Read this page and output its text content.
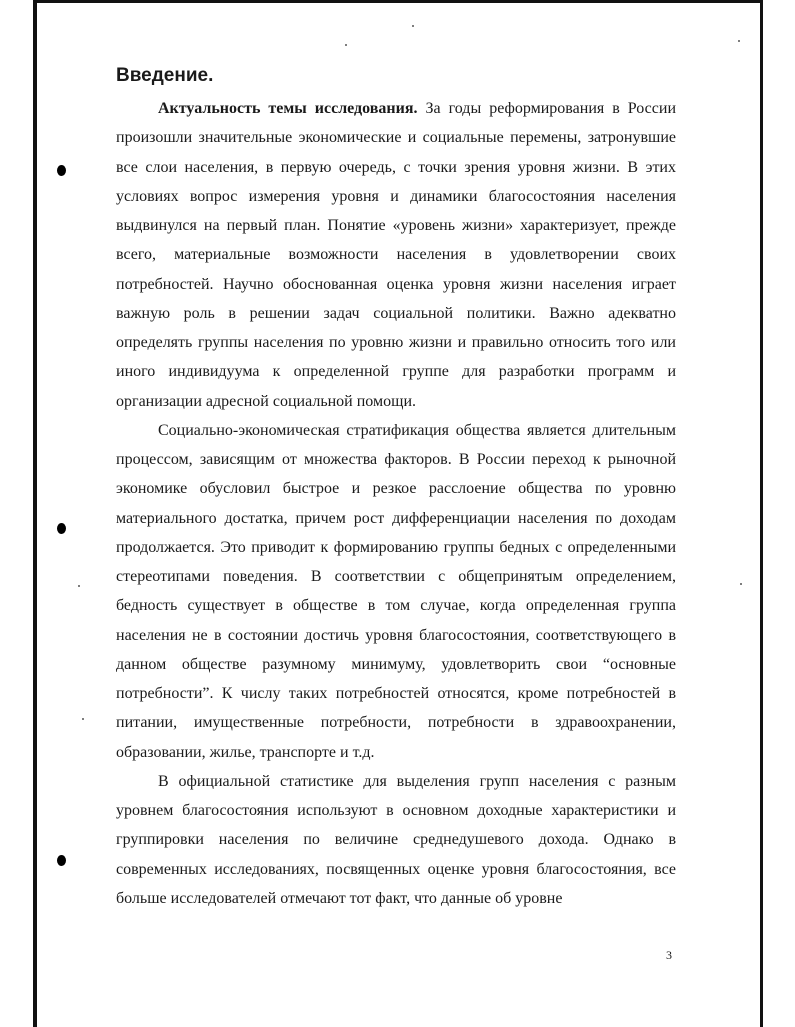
Введение.

Актуальность темы исследования. За годы реформирования в России произошли значительные экономические и социальные перемены, затронувшие все слои населения, в первую очередь, с точки зрения уровня жизни. В этих условиях вопрос измерения уровня и динамики благосостояния населения выдвинулся на первый план. Понятие «уровень жизни» характеризует, прежде всего, материальные возможности населения в удовлетворении своих потребностей. Научно обоснованная оценка уровня жизни населения играет важную роль в решении задач социальной политики. Важно адекватно определять группы населения по уровню жизни и правильно относить того или иного индивидуума к определенной группе для разработки программ и организации адресной социальной помощи.

Социально-экономическая стратификация общества является длительным процессом, зависящим от множества факторов. В России переход к рыночной экономике обусловил быстрое и резкое расслоение общества по уровню материального достатка, причем рост дифференциации населения по доходам продолжается. Это приводит к формированию группы бедных с определенными стереотипами поведения. В соответствии с общепринятым определением, бедность существует в обществе в том случае, когда определенная группа населения не в состоянии достичь уровня благосостояния, соответствующего в данном обществе разумному минимуму, удовлетворить свои “основные потребности”. К числу таких потребностей относятся, кроме потребностей в питании, имущественные потребности, потребности в здравоохранении, образовании, жилье, транспорте и т.д.

В официальной статистике для выделения групп населения с разным уровнем благосостояния используют в основном доходные характеристики и группировки населения по величине среднедушевого дохода. Однако в современных исследованиях, посвященных оценке уровня благосостояния, все больше исследователей отмечают тот факт, что данные об уровне

3
